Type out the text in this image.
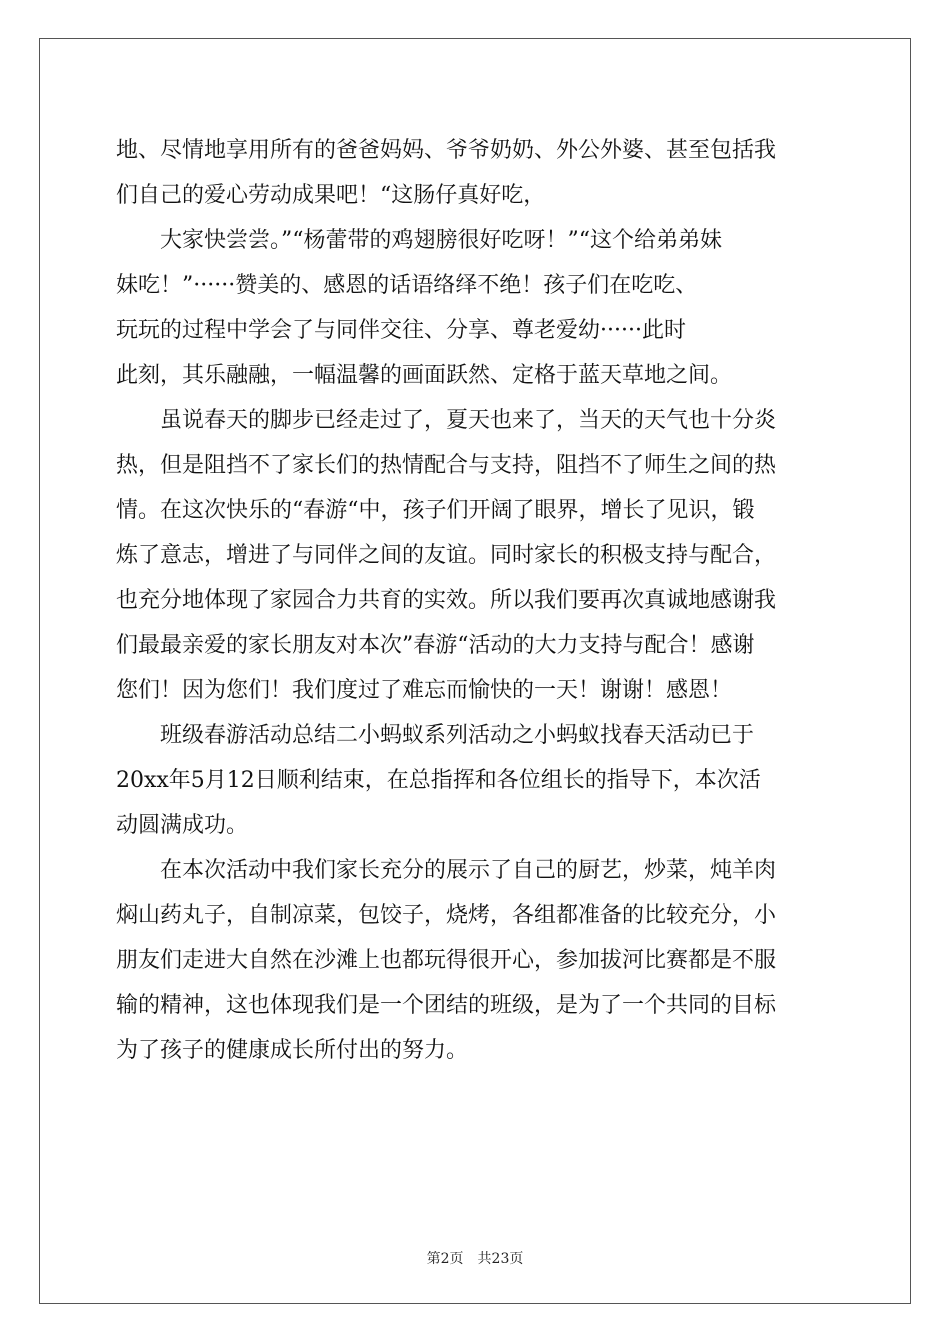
地、尽情地享用所有的爸爸妈妈、爷爷奶奶、外公外婆、甚至包括我
们自己的爱心劳动成果吧！“这肠仔真好吃，
　　大家快尝尝。”“杨蕾带的鸡翅膀很好吃呀！”“这个给弟弟妹
妹吃！”······赞美的、感恩的话语络绎不绝！孩子们在吃吃、
玩玩的过程中学会了与同伴交往、分享、尊老爱幼······此时
此刻，其乐融融，一幅温馨的画面跃然、定格于蓝天草地之间。
　　虽说春天的脚步已经走过了，夏天也来了，当天的天气也十分炎
热，但是阻挡不了家长们的热情配合与支持，阻挡不了师生之间的热
情。在这次快乐的“春游“中，孩子们开阔了眼界，增长了见识，锻
炼了意志，增进了与同伴之间的友谊。同时家长的积极支持与配合，
也充分地体现了家园合力共育的实效。所以我们要再次真诚地感谢我
们最最亲爱的家长朋友对本次”春游“活动的大力支持与配合！感谢
您们！因为您们！我们度过了难忘而愉快的一天！谢谢！感恩！
　　班级春游活动总结二小蚂蚁系列活动之小蚂蚁找春天活动已于
20xx年5月12日顺利结束，在总指挥和各位组长的指导下，本次活
动圆满成功。
　　在本次活动中我们家长充分的展示了自己的厨艺，炒菜，炖羊肉
焖山药丸子，自制凉菜，包饺子，烧烤，各组都准备的比较充分，小
朋友们走进大自然在沙滩上也都玩得很开心，参加拔河比赛都是不服
输的精神，这也体现我们是一个团结的班级，是为了一个共同的目标
为了孩子的健康成长所付出的努力。
第2页 共23页
